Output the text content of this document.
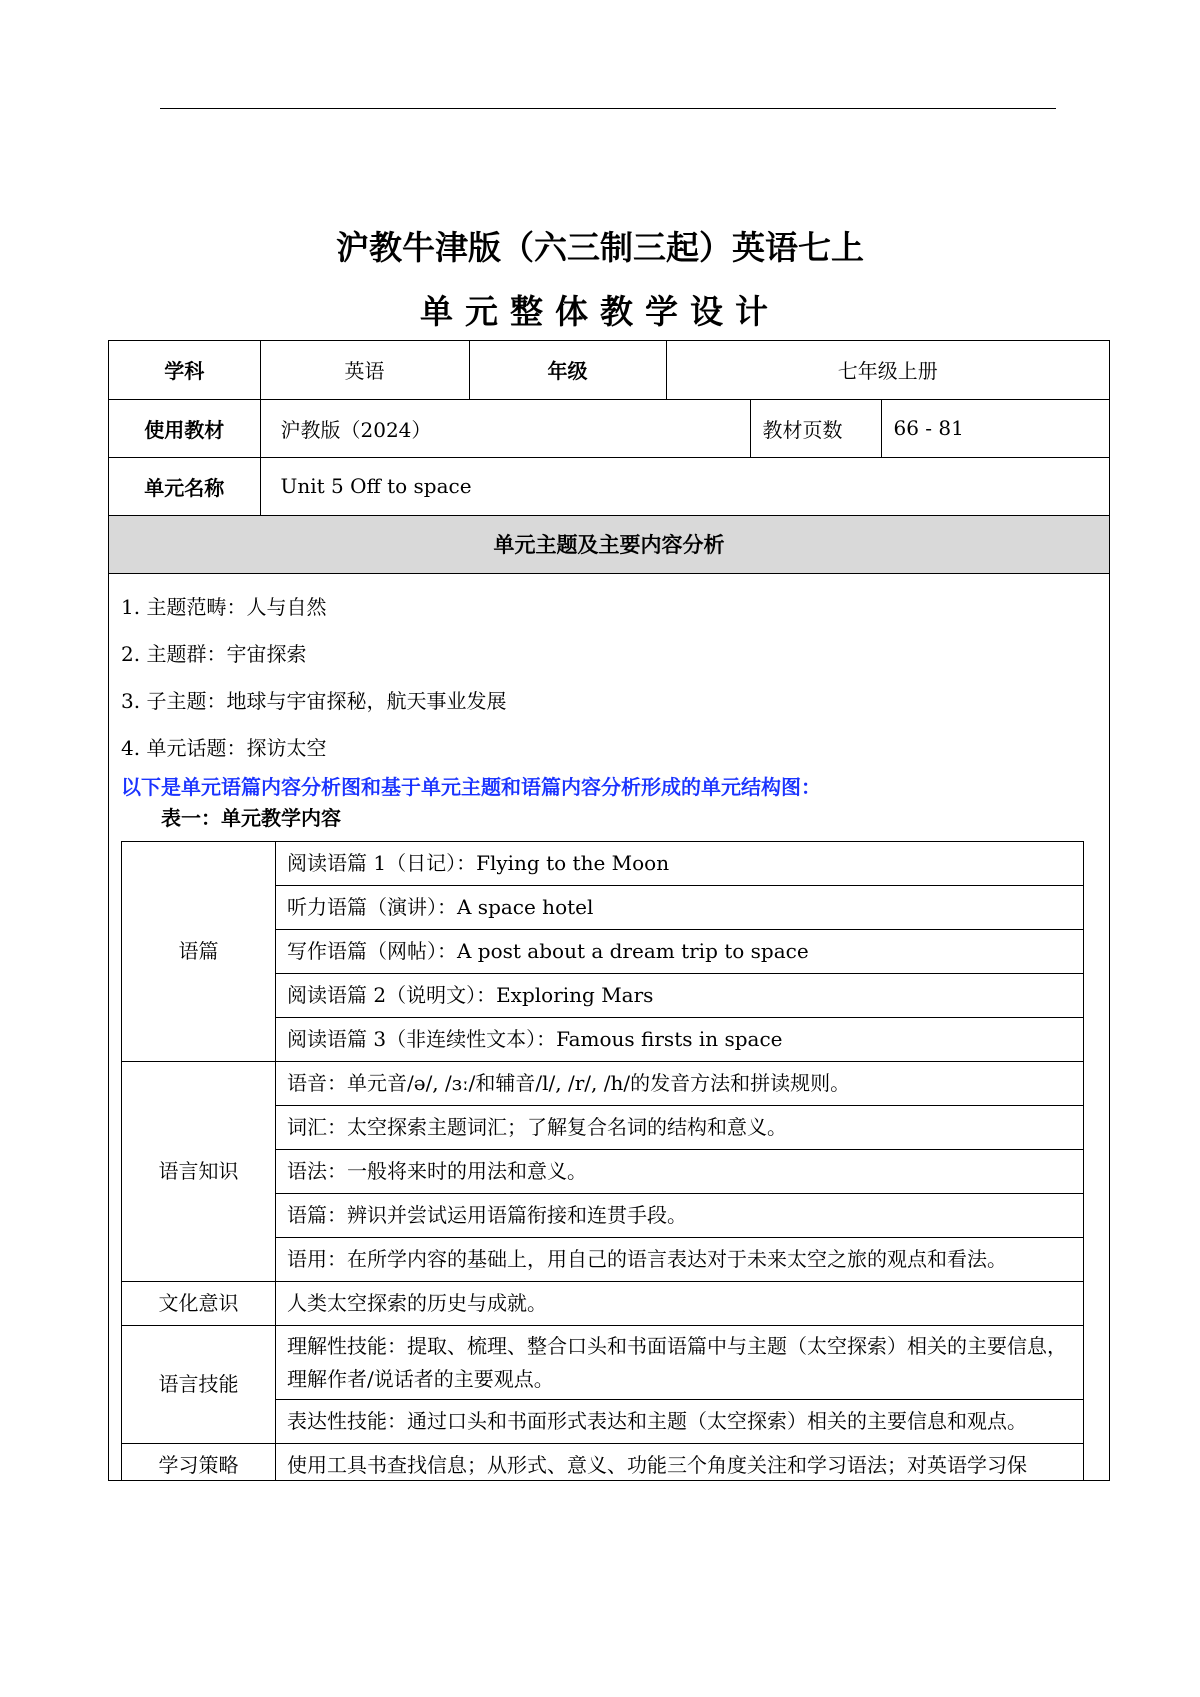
沪教牛津版（六三制三起）英语七上
单元整体教学设计
学科	英语	年级	七年级上册		
使用教材	沪教版（2024）			教材页数	66 - 81
单元名称	Unit 5 Off to space				
单元主题及主要内容分析					
1. 主题范畴：人与自然
2. 主题群：宇宙探索
3. 子主题：地球与宇宙探秘，航天事业发展
4. 单元话题：探访太空
以下是单元语篇内容分析图和基于单元主题和语篇内容分析形成的单元结构图：
表一：单元教学内容
语篇	阅读语篇 1（日记）：Flying to the Moon
	听力语篇（演讲）：A space hotel
	写作语篇（网帖）：A post about a dream trip to space
	阅读语篇 2（说明文）：Exploring Mars
	阅读语篇 3（非连续性文本）：Famous firsts in space
语言知识	语音：单元音/ə/, /ɜː/和辅音/l/, /r/, /h/的发音方法和拼读规则。
	词汇：太空探索主题词汇；了解复合名词的结构和意义。
	语法：一般将来时的用法和意义。
	语篇：辨识并尝试运用语篇衔接和连贯手段。
	语用：在所学内容的基础上，用自己的语言表达对于未来太空之旅的观点和看法。
文化意识	人类太空探索的历史与成就。
语言技能	理解性技能：提取、梳理、整合口头和书面语篇中与主题（太空探索）相关的主要信息，理解作者/说话者的主要观点。
	表达性技能：通过口头和书面形式表达和主题（太空探索）相关的主要信息和观点。
学习策略	使用工具书查找信息；从形式、意义、功能三个角度关注和学习语法；对英语学习保
